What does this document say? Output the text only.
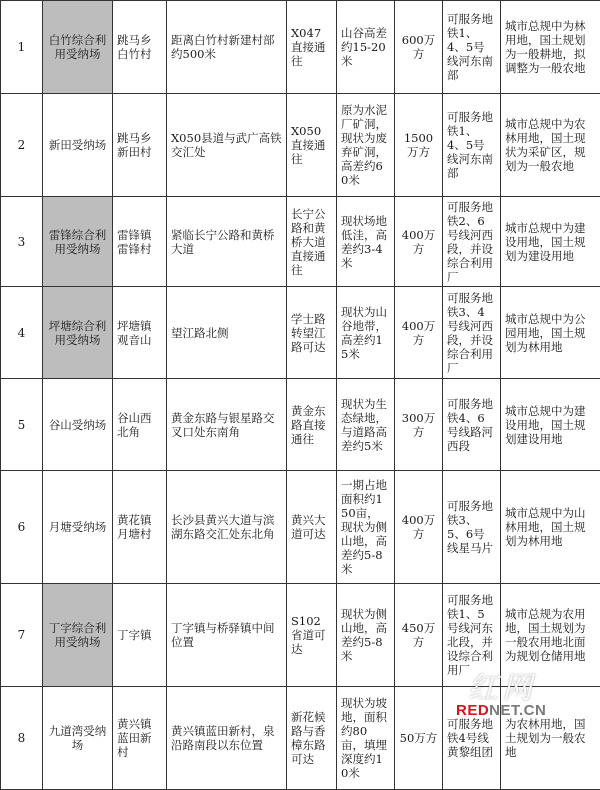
1	白竹综合利用受纳场	跳马乡白竹村	距离白竹村新建村部约500米	X047直接通往	山谷高差约15-20米	600万方	可服务地铁1、4、5号线河东南部	城市总规中为林用地，国土规划为一般耕地，拟调整为一般农地
2	新田受纳场	跳马乡新田村	X050县道与武广高铁交汇处	X050直接通往	原为水泥厂矿洞，现状为废弃矿洞，高差约60米	1500万方	可服务地铁1、4、5号线河东南部	城市总规中为农林用地，国土现状为采矿区，规划为一般农地
3	雷锋综合利用受纳场	雷锋镇雷锋村	紧临长宁公路和黄桥大道	长宁公路和黄桥大道直接通往	现状场地低洼，高差约3-4米	400万方	可服务地铁2、6号线河西段，并设综合利用厂	城市总规中为建设用地，国土规划为建设用地
4	坪塘综合利用受纳场	坪塘镇观音山	望江路北侧	学士路转望江路可达	现状为山谷地带，高差约15米	400万方	可服务地铁3、4号线河西段，并设综合利用厂	城市总规中为公园用地，国土规划为林用地
5	谷山受纳场	谷山西北角	黄金东路与银星路交叉口处东南角	黄金东路直接通往	现状为生态绿地，与道路高差约5米	300万方	可服务地铁4、6号线路河西段	城市总规中为建设用地，国土规划建设用地
6	月塘受纳场	黄花镇月塘村	长沙县黄兴大道与滨湖东路交汇处东北角	黄兴大道可达	一期占地面积约150亩，现状为侧山地，高差约5-8米	400万方	可服务地铁3、5、6号线星马片	城市总规中为山林用地，国土规划为林用地
7	丁字综合利用受纳场	丁字镇	丁字镇与桥驿镇中间位置	S102省道可达	现状为侧山地，高差约5-8米	450万方	可服务地铁1、5号线河东北段，并设综合利用厂	城市总规为农用地，国土规划为一般农用地北面为规划仓储用地
8	九道湾受纳场	黄兴镇蓝田新村	黄兴镇蓝田新村，泉沿路南段以东位置	新花候路与香樟东路可达	现状为坡地，面积约80亩，填埋深度约10米	50万方	可服务地铁4号线黄黎组团	为农林用地，国土规划为一般农地
红网
REDNET.CN
